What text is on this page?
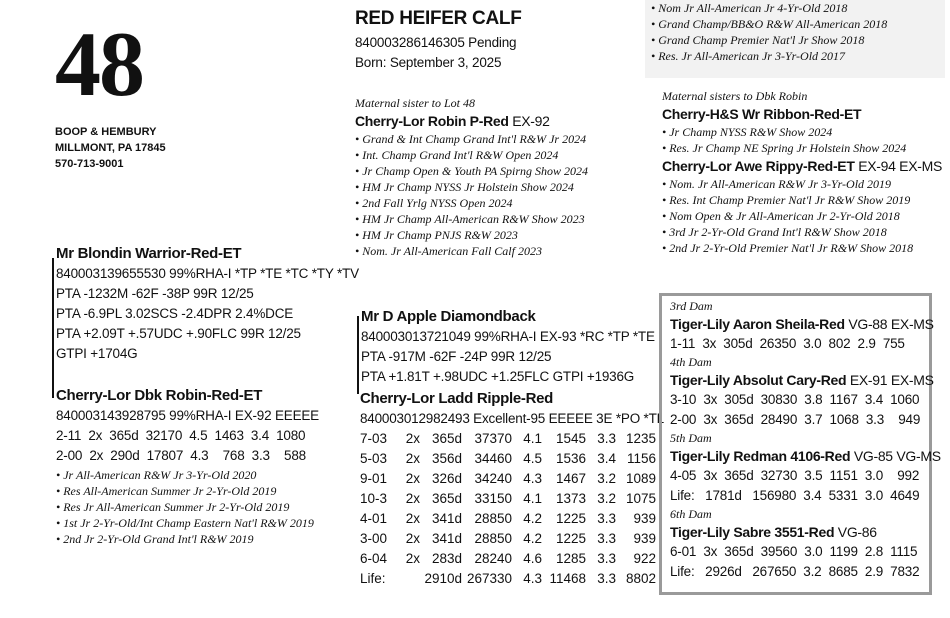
48
BOOP & HEMBURY
MILLMONT, PA 17845
570-713-9001
RED HEIFER CALF
840003286146305 Pending
Born: September 3, 2025
Mr Blondin Warrior-Red-ET
840003139655530 99%RHA-I *TP *TE *TC *TY *TV
PTA -1232M -62F -38P 99R 12/25
PTA -6.9PL 3.02SCS -2.4DPR 2.4%DCE
PTA +2.09T +.57UDC +.90FLC 99R 12/25
GTPI +1704G
Cherry-Lor Dbk Robin-Red-ET
840003143928795 99%RHA-I EX-92 EEEEE
2-11  2x  365d  32170  4.5  1463  3.4  1080
2-00  2x  290d  17807  4.3    768  3.3    588
• Jr All-American R&W Jr 3-Yr-Old 2020
• Res All-American Summer Jr 2-Yr-Old 2019
• Res Jr All-American Summer Jr 2-Yr-Old 2019
• 1st Jr 2-Yr-Old/Int Champ Eastern Nat'l R&W 2019
• 2nd Jr 2-Yr-Old Grand Int'l R&W 2019
Maternal sister to Lot 48
Cherry-Lor Robin P-Red EX-92
• Grand & Int Champ Grand Int'l R&W Jr 2024
• Int. Champ Grand Int'l R&W Open 2024
• Jr Champ Open & Youth PA Spirng Show 2024
• HM Jr Champ NYSS Jr Holstein Show 2024
• 2nd Fall Yrlg NYSS Open 2024
• HM Jr Champ All-American R&W Show 2023
• HM Jr Champ PNJS R&W 2023
• Nom. Jr All-American Fall Calf 2023
• Nom Jr All-American Jr 4-Yr-Old 2018
• Grand Champ/BB&O R&W All-American 2018
• Grand Champ Premier Nat'l Jr Show 2018
• Res. Jr All-American Jr 3-Yr-Old 2017
Maternal sisters to Dbk Robin
Cherry-H&S Wr Ribbon-Red-ET
• Jr Champ NYSS R&W Show 2024
• Res. Jr Champ NE Spring Jr Holstein Show 2024
Cherry-Lor Awe Rippy-Red-ET EX-94 EX-MS
• Nom. Jr All-American R&W Jr 3-Yr-Old 2019
• Res. Int Champ Premier Nat'l Jr R&W Show 2019
• Nom Open & Jr All-American Jr 2-Yr-Old 2018
• 3rd Jr 2-Yr-Old Grand Int'l R&W Show 2018
• 2nd Jr 2-Yr-Old Premier Nat'l Jr R&W Show 2018
Mr D Apple Diamondback
840003013721049 99%RHA-I EX-93 *RC *TP *TE
PTA -917M -62F -24P 99R 12/25
PTA +1.81T +.98UDC +1.25FLC GTPI +1936G
Cherry-Lor Ladd Ripple-Red
840003012982493 Excellent-95 EEEEE 3E *PO *TL
7-03	2x	365d	37370	4.1	1545	3.3	1235
5-03	2x	356d	34460	4.5	1536	3.4	1156
9-01	2x	326d	34240	4.3	1467	3.2	1089
10-3	2x	365d	33150	4.1	1373	3.2	1075
4-01	2x	341d	28850	4.2	1225	3.3	939
3-00	2x	341d	28850	4.2	1225	3.3	939
6-04	2x	283d	28240	4.6	1285	3.3	922
Life:	2910d		267330	4.3	11468	3.3	8802
3rd Dam
Tiger-Lily Aaron Sheila-Red VG-88 EX-MS
1-11  3x  305d  26350  3.0  802  2.9  755
4th Dam
Tiger-Lily Absolut Cary-Red EX-91 EX-MS
3-10  3x  305d  30830  3.8  1167  3.4  1060
2-00  3x  365d  28490  3.7  1068  3.3    949
5th Dam
Tiger-Lily Redman 4106-Red VG-85 VG-MS
4-05  3x  365d  32730  3.5  1151  3.0    992
Life:   1781d   156980  3.4  5331  3.0  4649
6th Dam
Tiger-Lily Sabre 3551-Red VG-86
6-01  3x  365d  39560  3.0  1199  2.8  1115
Life:   2926d   267650  3.2  8685  2.9  7832
